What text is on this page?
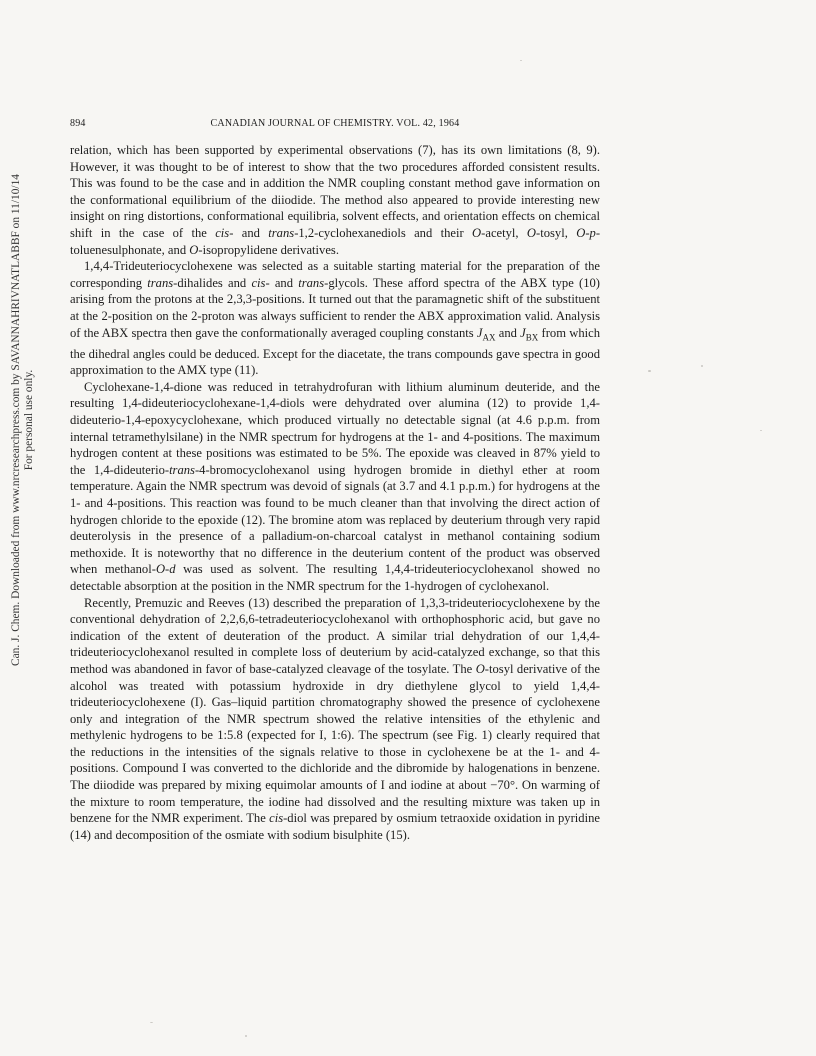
Can. J. Chem. Downloaded from www.nrcresearchpress.com by SAVANNAHRIVNATLABBF on 11/10/14 For personal use only.
894	CANADIAN JOURNAL OF CHEMISTRY. VOL. 42, 1964

relation, which has been supported by experimental observations (7), has its own limitations (8, 9). However, it was thought to be of interest to show that the two procedures afforded consistent results. This was found to be the case and in addition the NMR coupling constant method gave information on the conformational equilibrium of the diiodide. The method also appeared to provide interesting new insight on ring distortions, conformational equilibria, solvent effects, and orientation effects on chemical shift in the case of the cis- and trans-1,2-cyclohexanediols and their O-acetyl, O-tosyl, O-p-toluenesulphonate, and O-isopropylidene derivatives.

1,4,4-Trideuteriocyclohexene was selected as a suitable starting material for the preparation of the corresponding trans-dihalides and cis- and trans-glycols. These afford spectra of the ABX type (10) arising from the protons at the 2,3,3-positions. It turned out that the paramagnetic shift of the substituent at the 2-position on the 2-proton was always sufficient to render the ABX approximation valid. Analysis of the ABX spectra then gave the conformationally averaged coupling constants $J_{AX}$ and $J_{BX}$ from which the dihedral angles could be deduced. Except for the diacetate, the trans compounds gave spectra in good approximation to the AMX type (11).

Cyclohexane-1,4-dione was reduced in tetrahydrofuran with lithium aluminum deuteride, and the resulting 1,4-dideuteriocyclohexane-1,4-diols were dehydrated over alumina (12) to provide 1,4-dideuterio-1,4-epoxycyclohexane, which produced virtually no detectable signal (at 4.6 p.p.m. from internal tetramethylsilane) in the NMR spectrum for hydrogens at the 1- and 4-positions. The maximum hydrogen content at these positions was estimated to be 5%. The epoxide was cleaved in 87% yield to the 1,4-dideuterio-trans-4-bromocyclohexanol using hydrogen bromide in diethyl ether at room temperature. Again the NMR spectrum was devoid of signals (at 3.7 and 4.1 p.p.m.) for hydrogens at the 1- and 4-positions. This reaction was found to be much cleaner than that involving the direct action of hydrogen chloride to the epoxide (12). The bromine atom was replaced by deuterium through very rapid deuterolysis in the presence of a palladium-on-charcoal catalyst in methanol containing sodium methoxide. It is noteworthy that no difference in the deuterium content of the product was observed when methanol-O-d was used as solvent. The resulting 1,4,4-trideuteriocyclohexanol showed no detectable absorption at the position in the NMR spectrum for the 1-hydrogen of cyclohexanol.

Recently, Premuzic and Reeves (13) described the preparation of 1,3,3-trideuteriocyclohexene by the conventional dehydration of 2,2,6,6-tetradeuteriocyclohexanol with orthophosphoric acid, but gave no indication of the extent of deuteration of the product. A similar trial dehydration of our 1,4,4-trideuteriocyclohexanol resulted in complete loss of deuterium by acid-catalyzed exchange, so that this method was abandoned in favor of base-catalyzed cleavage of the tosylate. The O-tosyl derivative of the alcohol was treated with potassium hydroxide in dry diethylene glycol to yield 1,4,4-trideuteriocyclohexene (I). Gas–liquid partition chromatography showed the presence of cyclohexene only and integration of the NMR spectrum showed the relative intensities of the ethylenic and methylenic hydrogens to be 1:5.8 (expected for I, 1:6). The spectrum (see Fig. 1) clearly required that the reductions in the intensities of the signals relative to those in cyclohexene be at the 1- and 4-positions. Compound I was converted to the dichloride and the dibromide by halogenations in benzene. The diiodide was prepared by mixing equimolar amounts of I and iodine at about −70°. On warming of the mixture to room temperature, the iodine had dissolved and the resulting mixture was taken up in benzene for the NMR experiment. The cis-diol was prepared by osmium tetraoxide oxidation in pyridine (14) and decomposition of the osmiate with sodium bisulphite (15).
